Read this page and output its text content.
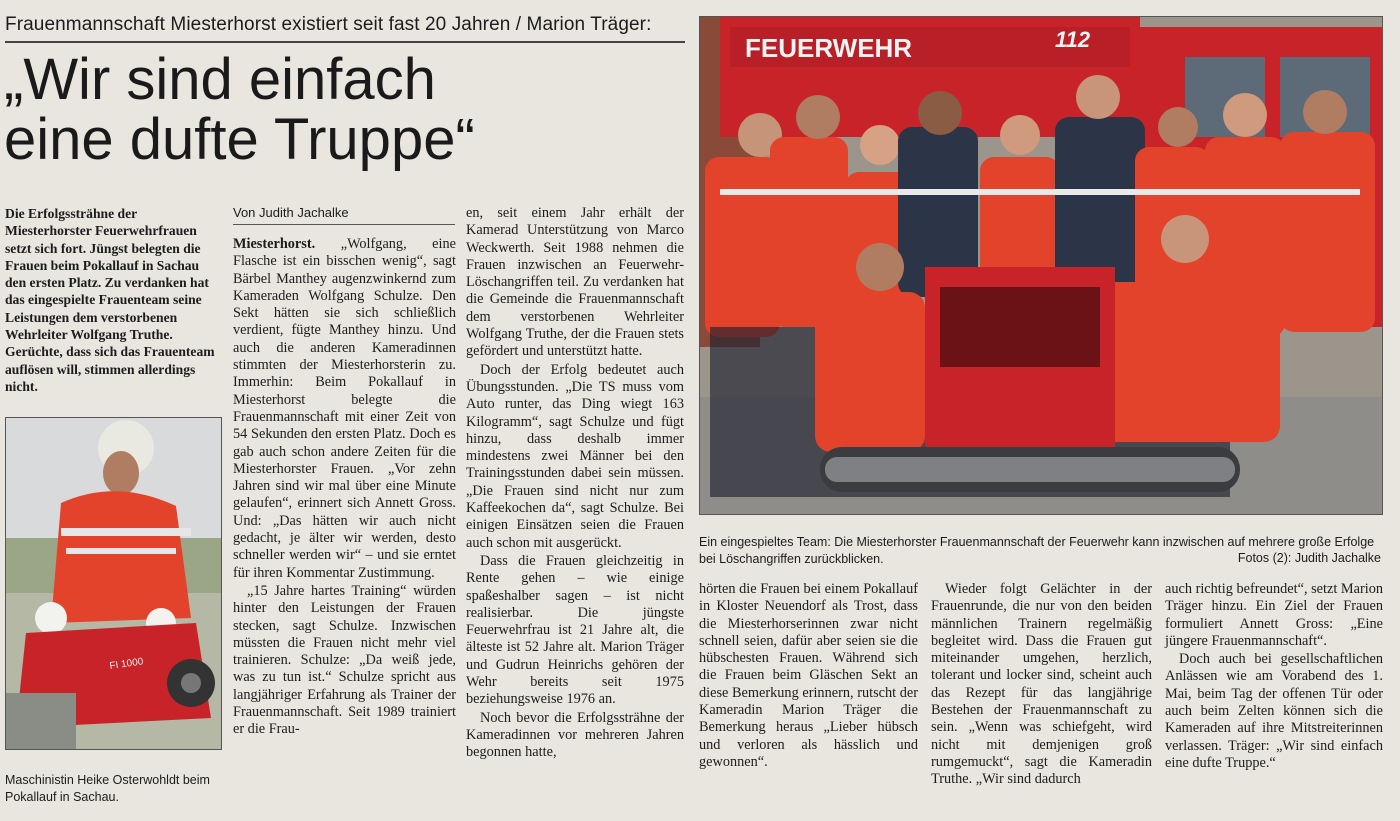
Frauenmannschaft Miesterhorst existiert seit fast 20 Jahren / Marion Träger:
„Wir sind einfach
eine dufte Truppe“
Die Erfolgssträhne der Miesterhorster Feuerwehrfrauen setzt sich fort. Jüngst belegten die Frauen beim Pokallauf in Sachau den ersten Platz. Zu verdanken hat das eingespielte Frauenteam seine Leistungen dem verstorbenen Wehrleiter Wolfgang Truthe. Gerüchte, dass sich das Frauenteam auflösen will, stimmen allerdings nicht.
Von Judith Jachalke
FI 1000
Maschinistin Heike Osterwohldt beim Pokallauf in Sachau.
FEUERWEHR	112
Ein eingespieltes Team: Die Miesterhorster Frauenmannschaft der Feuerwehr kann inzwischen auf mehrere große Erfolge bei Löschangriffen zurückblicken.	Fotos (2): Judith Jachalke

Miesterhorst. „Wolfgang, eine Flasche ist ein bisschen wenig“, sagt Bärbel Manthey augenzwinkernd zum Kameraden Wolfgang Schulze. Den Sekt hätten sie sich schließlich verdient, fügte Manthey hinzu. Und auch die anderen Kameradinnen stimmten der Miesterhorsterin zu. Immerhin: Beim Pokallauf in Miesterhorst belegte die Frauenmannschaft mit einer Zeit von 54 Sekunden den ersten Platz. Doch es gab auch schon andere Zeiten für die Miesterhorster Frauen. „Vor zehn Jahren sind wir mal über eine Minute gelaufen“, erinnert sich Annett Gross. Und: „Das hätten wir auch nicht gedacht, je älter wir werden, desto schneller werden wir“ – und sie erntet für ihren Kommentar Zustimmung.

„15 Jahre hartes Training“ würden hinter den Leistungen der Frauen stecken, sagt Schulze. Inzwischen müssten die Frauen nicht mehr viel trainieren. Schulze: „Da weiß jede, was zu tun ist.“ Schulze spricht aus langjähriger Erfahrung als Trainer der Frauenmannschaft. Seit 1989 trainiert er die Frau-

en, seit einem Jahr erhält der Kamerad Unterstützung von Marco Weckwerth. Seit 1988 nehmen die Frauen inzwischen an Feuerwehr-Löschangriffen teil. Zu verdanken hat die Gemeinde die Frauenmannschaft dem verstorbenen Wehrleiter Wolfgang Truthe, der die Frauen stets gefördert und unterstützt hatte.

Doch der Erfolg bedeutet auch Übungsstunden. „Die TS muss vom Auto runter, das Ding wiegt 163 Kilogramm“, sagt Schulze und fügt hinzu, dass deshalb immer mindestens zwei Männer bei den Trainingsstunden dabei sein müssen. „Die Frauen sind nicht nur zum Kaffeekochen da“, sagt Schulze. Bei einigen Einsätzen seien die Frauen auch schon mit ausgerückt.

Dass die Frauen gleichzeitig in Rente gehen – wie einige spaßeshalber sagen – ist nicht realisierbar. Die jüngste Feuerwehrfrau ist 21 Jahre alt, die älteste ist 52 Jahre alt. Marion Träger und Gudrun Heinrichs gehören der Wehr bereits seit 1975 beziehungsweise 1976 an.

Noch bevor die Erfolgssträhne der Kameradinnen vor mehreren Jahren begonnen hatte,

hörten die Frauen bei einem Pokallauf in Kloster Neuendorf als Trost, dass die Miesterhorserinnen zwar nicht schnell seien, dafür aber seien sie die hübschesten Frauen. Während sich die Frauen beim Gläschen Sekt an diese Bemerkung erinnern, rutscht der Kameradin Marion Träger die Bemerkung heraus „Lieber hübsch und verloren als hässlich und gewonnen“.

Wieder folgt Gelächter in der Frauenrunde, die nur von den beiden männlichen Trainern regelmäßig begleitet wird. Dass die Frauen gut miteinander umgehen, herzlich, tolerant und locker sind, scheint auch das Rezept für das langjährige Bestehen der Frauenmannschaft zu sein. „Wenn was schiefgeht, wird nicht mit demjenigen groß rumgemuckt“, sagt die Kameradin Truthe. „Wir sind dadurch

auch richtig befreundet“, setzt Marion Träger hinzu. Ein Ziel der Frauen formuliert Annett Gross: „Eine jüngere Frauenmannschaft“.

Doch auch bei gesellschaftlichen Anlässen wie am Vorabend des 1. Mai, beim Tag der offenen Tür oder auch beim Zelten können sich die Kameraden auf ihre Mitstreiterinnen verlassen. Träger: „Wir sind einfach eine dufte Truppe.“
